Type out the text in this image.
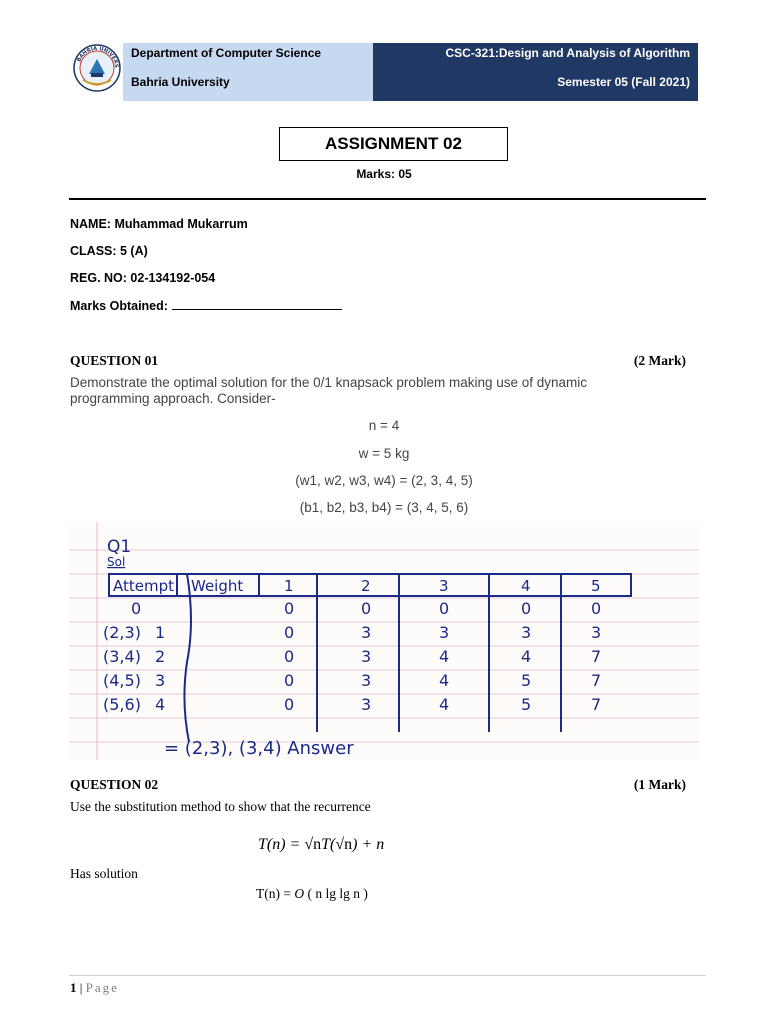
BAHRIA UNIVERS
Department of Computer Science
Bahria University
CSC-321:Design and Analysis of Algorithm
Semester 05 (Fall 2021)
ASSIGNMENT 02
Marks: 05
NAME: Muhammad Mukarrum
CLASS: 5 (A)
REG. NO: 02-134192-054
Marks Obtained:
QUESTION 01	(2 Mark)
Demonstrate the optimal solution for the 0/1 knapsack problem making use of dynamic programming approach. Consider-
n = 4
w = 5 kg
(w1, w2, w3, w4) = (2, 3, 4, 5)
(b1, b2, b3, b4) = (3, 4, 5, 6)
Q1
Sol
Attempt Weight	1	2	3	4	5
0	0	0	0	0	0
(2,3) 1	0	3	3	3	3
(3,4) 2	0	3	4	4	7
(4,5) 3	0	3	4	5	7
(5,6) 4	0	3	4	5	7
= (2,3), (3,4) Answer
QUESTION 02	(1 Mark)
Use the substitution method to show that the recurrence
T(n) = √nT(√n) + n
Has solution
T(n) = O ( n lg lg n )
1 | Page
